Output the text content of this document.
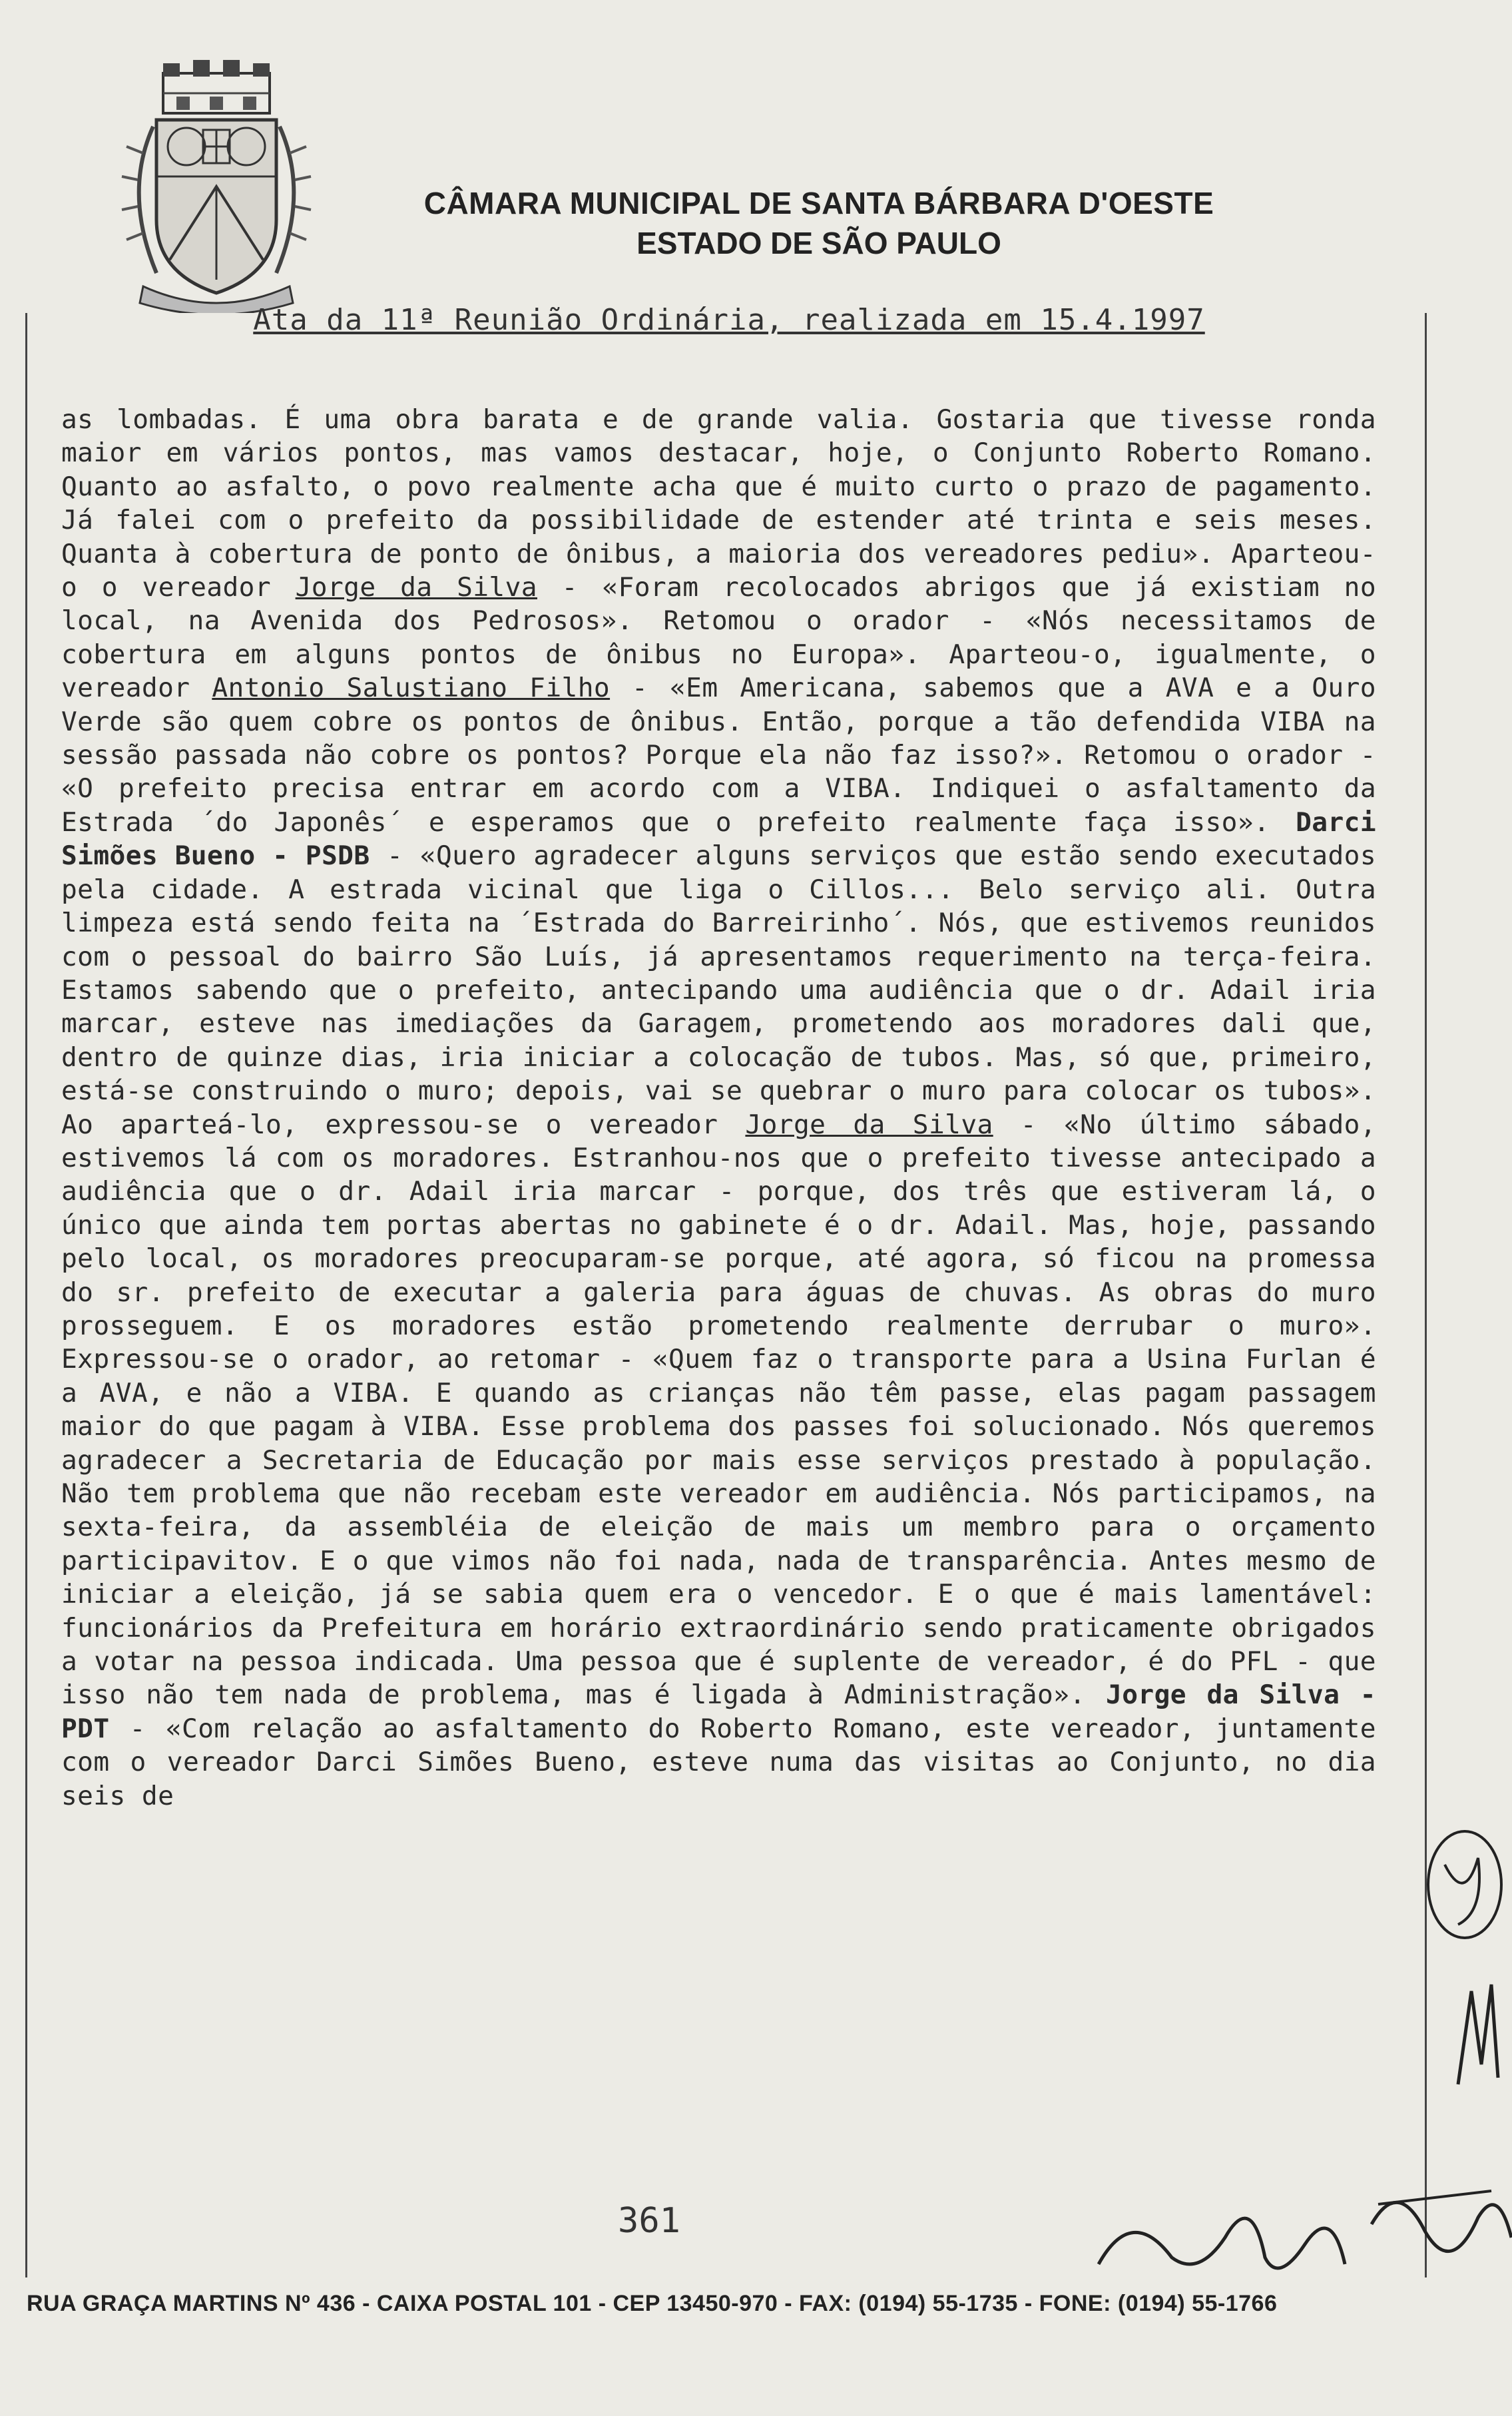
CÂMARA MUNICIPAL DE SANTA BÁRBARA D'OESTE
ESTADO DE SÃO PAULO
Ata da 11ª Reunião Ordinária, realizada em 15.4.1997

as lombadas. É uma obra barata e de grande valia. Gostaria que tivesse ronda maior em vários pontos, mas vamos destacar, hoje, o Conjunto Roberto Romano. Quanto ao asfalto, o povo realmente acha que é muito curto o prazo de pagamento. Já falei com o prefeito da possibilidade de estender até trinta e seis meses. Quanta à cobertura de ponto de ônibus, a maioria dos vereadores pediu». Aparteou-o o vereador Jorge da Silva - «Foram recolocados abrigos que já existiam no local, na Avenida dos Pedrosos». Retomou o orador - «Nós necessitamos de cobertura em alguns pontos de ônibus no Europa». Aparteou-o, igualmente, o vereador Antonio Salustiano Filho - «Em Americana, sabemos que a AVA e a Ouro Verde são quem cobre os pontos de ônibus. Então, porque a tão defendida VIBA na sessão passada não cobre os pontos? Porque ela não faz isso?». Retomou o orador - «O prefeito precisa entrar em acordo com a VIBA. Indiquei o asfaltamento da Estrada ´do Japonês´ e esperamos que o prefeito realmente faça isso». Darci Simões Bueno - PSDB - «Quero agradecer alguns serviços que estão sendo executados pela cidade. A estrada vicinal que liga o Cillos... Belo serviço ali. Outra limpeza está sendo feita na ´Estrada do Barreirinho´. Nós, que estivemos reunidos com o pessoal do bairro São Luís, já apresentamos requerimento na terça-feira. Estamos sabendo que o prefeito, antecipando uma audiência que o dr. Adail iria marcar, esteve nas imediações da Garagem, prometendo aos moradores dali que, dentro de quinze dias, iria iniciar a colocação de tubos. Mas, só que, primeiro, está-se construindo o muro; depois, vai se quebrar o muro para colocar os tubos». Ao aparteá-lo, expressou-se o vereador Jorge da Silva - «No último sábado, estivemos lá com os moradores. Estranhou-nos que o prefeito tivesse antecipado a audiência que o dr. Adail iria marcar - porque, dos três que estiveram lá, o único que ainda tem portas abertas no gabinete é o dr. Adail. Mas, hoje, passando pelo local, os moradores preocuparam-se porque, até agora, só ficou na promessa do sr. prefeito de executar a galeria para águas de chuvas. As obras do muro prosseguem. E os moradores estão prometendo realmente derrubar o muro». Expressou-se o orador, ao retomar - «Quem faz o transporte para a Usina Furlan é a AVA, e não a VIBA. E quando as crianças não têm passe, elas pagam passagem maior do que pagam à VIBA. Esse problema dos passes foi solucionado. Nós queremos agradecer a Secretaria de Educação por mais esse serviços prestado à população. Não tem problema que não recebam este vereador em audiência. Nós participamos, na sexta-feira, da assembléia de eleição de mais um membro para o orçamento participavitov. E o que vimos não foi nada, nada de transparência. Antes mesmo de iniciar a eleição, já se sabia quem era o vencedor. E o que é mais lamentável: funcionários da Prefeitura em horário extraordinário sendo praticamente obrigados a votar na pessoa indicada. Uma pessoa que é suplente de vereador, é do PFL - que isso não tem nada de problema, mas é ligada à Administração». Jorge da Silva - PDT - «Com relação ao asfaltamento do Roberto Romano, este vereador, juntamente com o vereador Darci Simões Bueno, esteve numa das visitas ao Conjunto, no dia seis de

361
RUA GRAÇA MARTINS Nº 436 - CAIXA POSTAL 101 - CEP 13450-970 - FAX: (0194) 55-1735 - FONE: (0194) 55-1766
